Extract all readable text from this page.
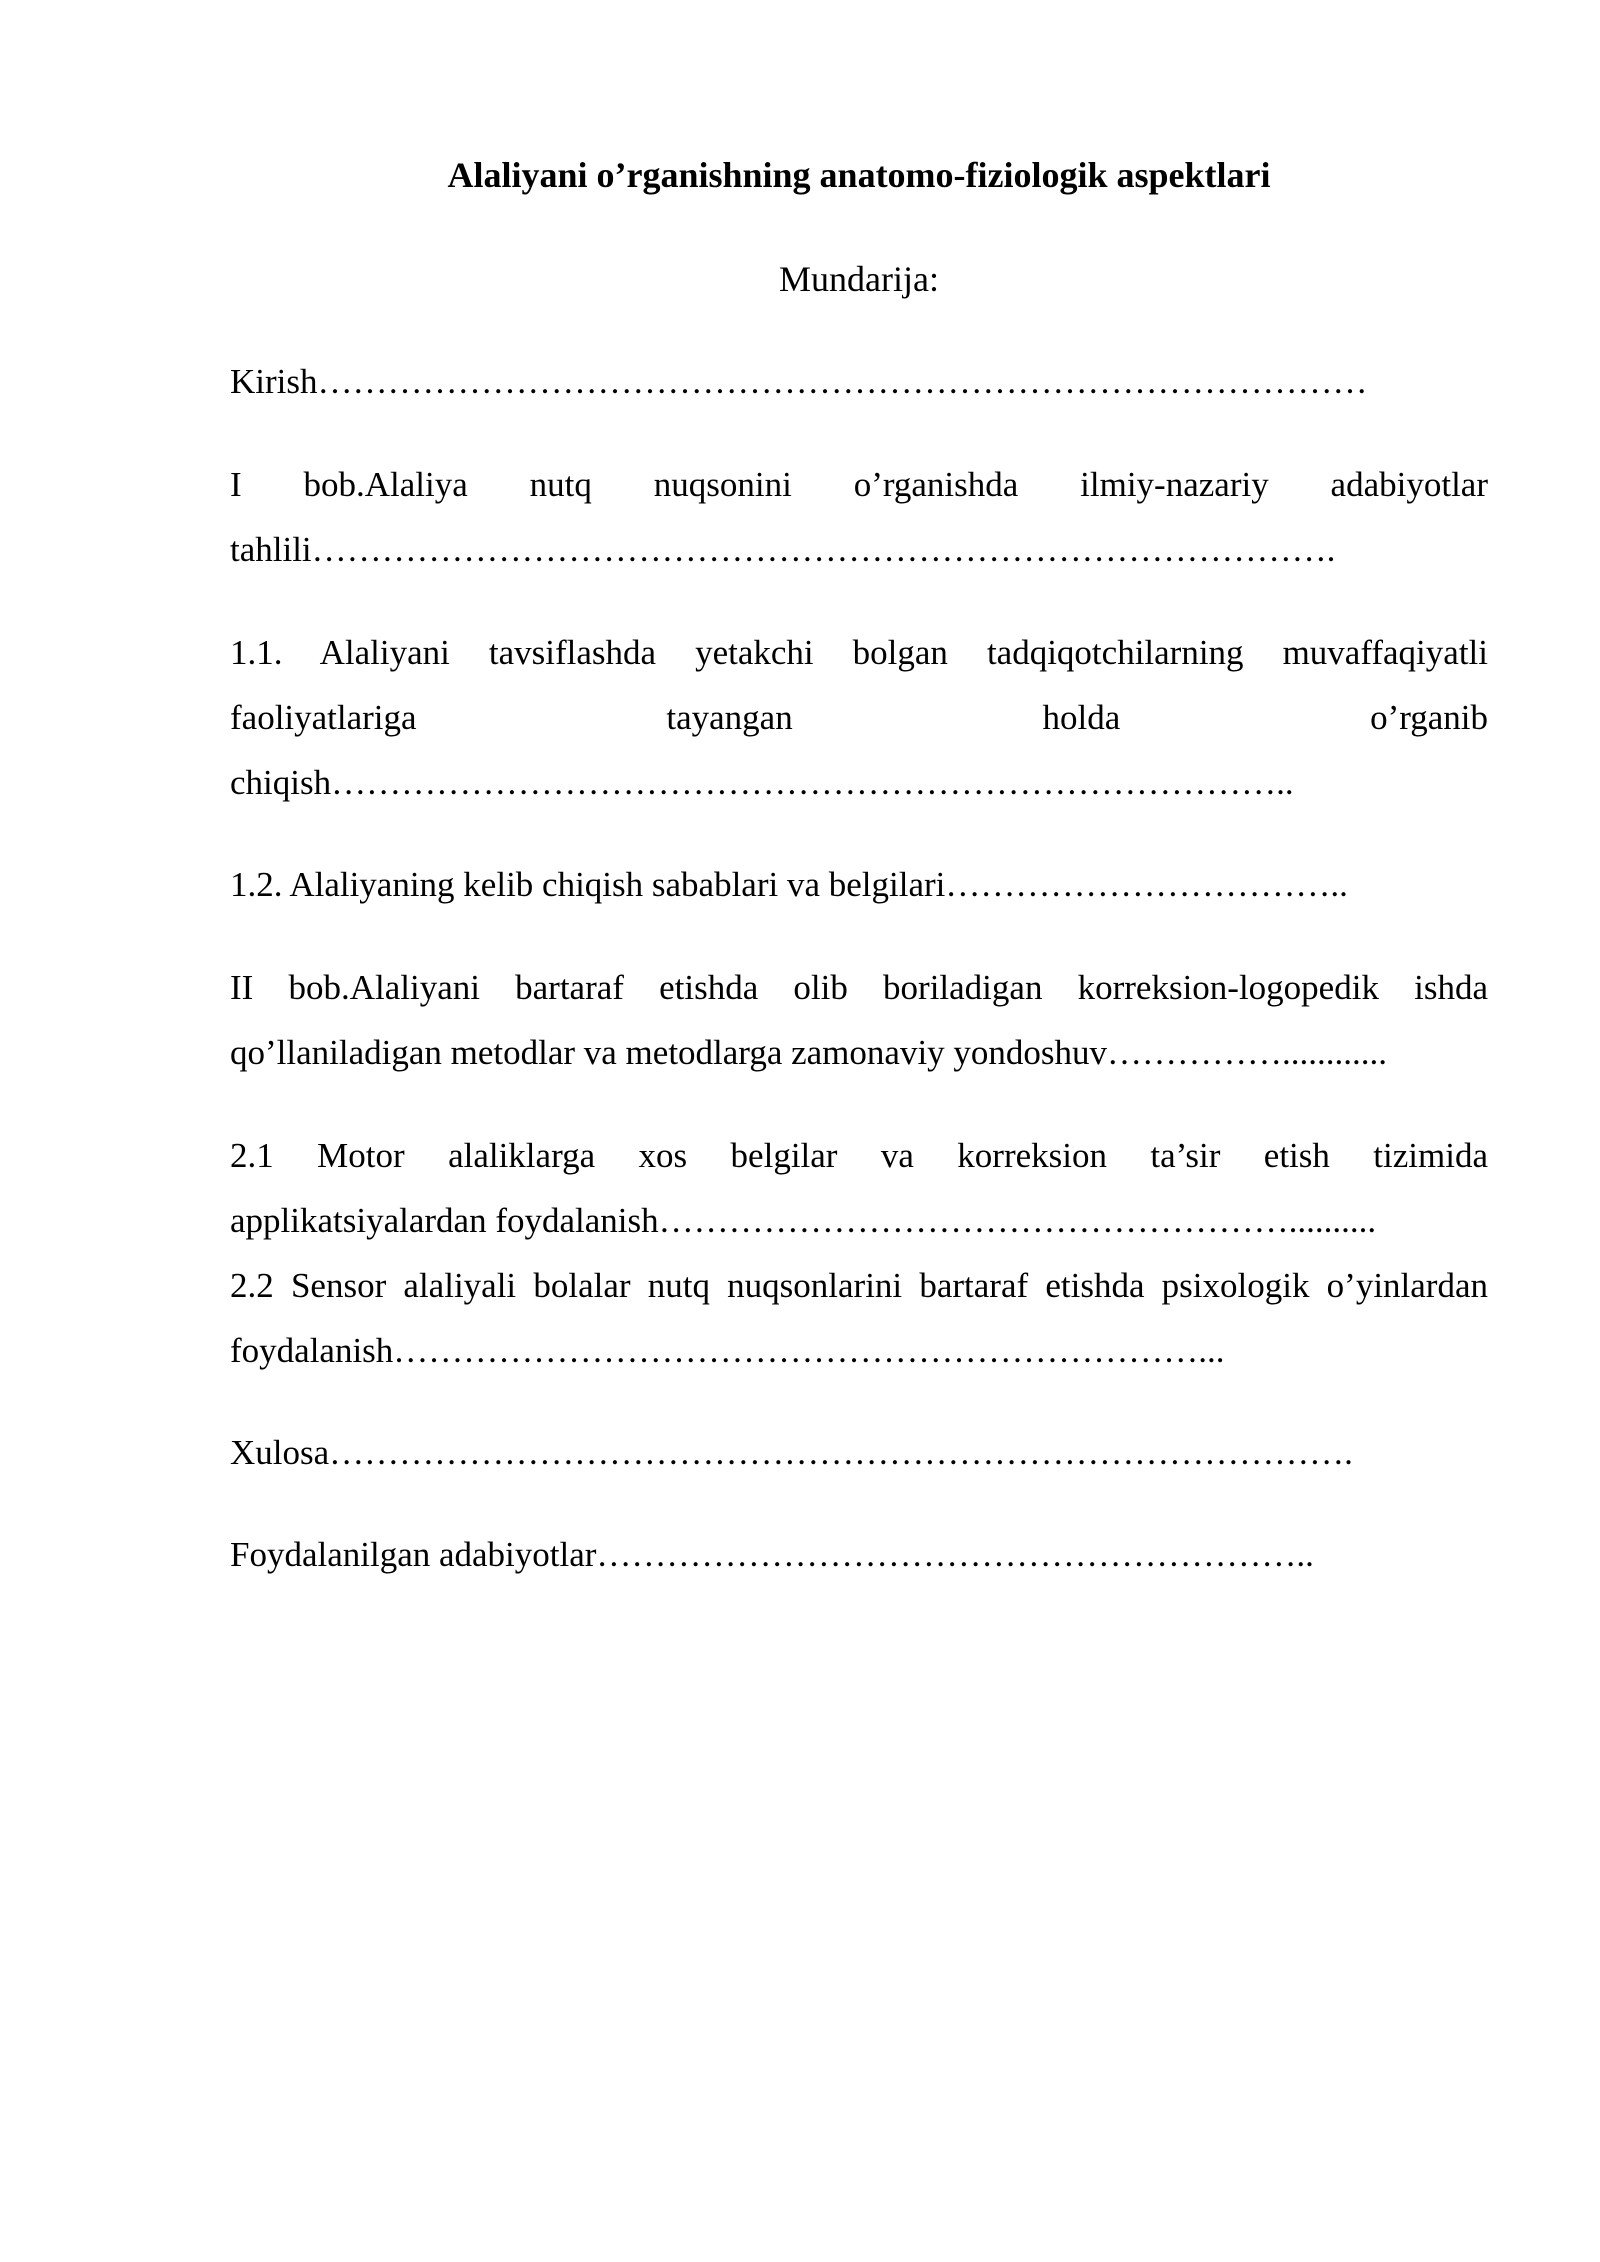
Alaliyani o’rganishning anatomo-fiziologik aspektlari
Mundarija:
Kirish………………………………………………………………………………
I bob.Alaliya nutq nuqsonini o’rganishda ilmiy-nazariy adabiyotlar
tahlili…………………………………………………………………………….
1.1. Alaliyani tavsiflashda yetakchi bolgan tadqiqotchilarning muvaffaqiyatli
faoliyatlariga tayangan holda o’rganib
chiqish………………………………………………………………………..
1.2. Alaliyaning kelib chiqish sabablari va belgilari……………………………..
II bob.Alaliyani bartaraf etishda olib boriladigan korreksion-logopedik ishda
qo’llaniladigan metodlar va metodlarga zamonaviy yondoshuv……………............
2.1 Motor alaliklarga xos belgilar va korreksion ta’sir etish tizimida
applikatsiyalardan foydalanish………………………………………………..........
2.2 Sensor alaliyali bolalar nutq nuqsonlarini bartaraf etishda psixologik o’yinlardan
foydalanish……………………………………………………………...
Xulosa…………………………………………………………………………….
Foydalanilgan adabiyotlar……………………………………………………..
